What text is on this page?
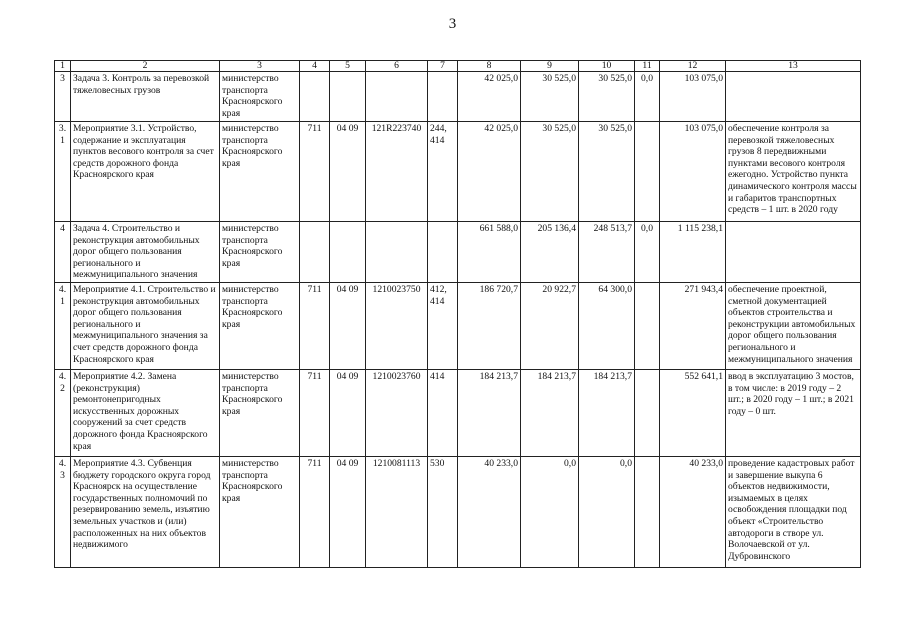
3
1	2	3	4	5	6	7	8	9	10	11	12	13
3	Задача 3. Контроль за перевозкой тяжеловесных грузов	министерство транспорта Красноярского края					42 025,0	30 525,0	30 525,0	0,0	103 075,0	
3.1	Мероприятие 3.1. Устройство, содержание и эксплуатация пунктов весового контроля за счет средств дорожного фонда Красноярского края	министерство транспорта Красноярского края	711	04 09	121R223740	244, 414	42 025,0	30 525,0	30 525,0		103 075,0	обеспечение контроля за перевозкой тяжеловесных грузов 8 передвижными пунктами весового контроля ежегодно. Устройство пункта динамического контроля массы и габаритов транспортных средств – 1 шт. в 2020 году
4	Задача 4. Строительство и реконструкция автомобильных дорог общего пользования регионального и межмуниципального значения	министерство транспорта Красноярского края					661 588,0	205 136,4	248 513,7	0,0	1 115 238,1	
4.1	Мероприятие 4.1. Строительство и реконструкция автомобильных дорог общего пользования регионального и межмуниципального значения за счет средств дорожного фонда Красноярского края	министерство транспорта Красноярского края	711	04 09	1210023750	412, 414	186 720,7	20 922,7	64 300,0		271 943,4	обеспечение проектной, сметной документацией объектов строительства и реконструкции автомобильных дорог общего пользования регионального и межмуниципального значения
4.2	Мероприятие 4.2. Замена (реконструкция) ремонтонепригодных искусственных дорожных сооружений за счет средств дорожного фонда Красноярского края	министерство транспорта Красноярского края	711	04 09	1210023760	414	184 213,7	184 213,7	184 213,7		552 641,1	ввод в эксплуатацию 3 мостов, в том числе: в 2019 году – 2 шт.; в 2020 году – 1 шт.; в 2021 году – 0 шт.
4.3	Мероприятие 4.3. Субвенция бюджету городского округа город Красноярск на осуществление государственных полномочий по резервированию земель, изъятию земельных участков и (или) расположенных на них объектов недвижимого	министерство транспорта Красноярского края	711	04 09	1210081113	530	40 233,0	0,0	0,0		40 233,0	проведение кадастровых работ и завершение выкупа 6 объектов недвижимости, изымаемых в целях освобождения площадки под объект «Строительство автодороги в створе ул. Волочаевской от ул. Дубровинского
